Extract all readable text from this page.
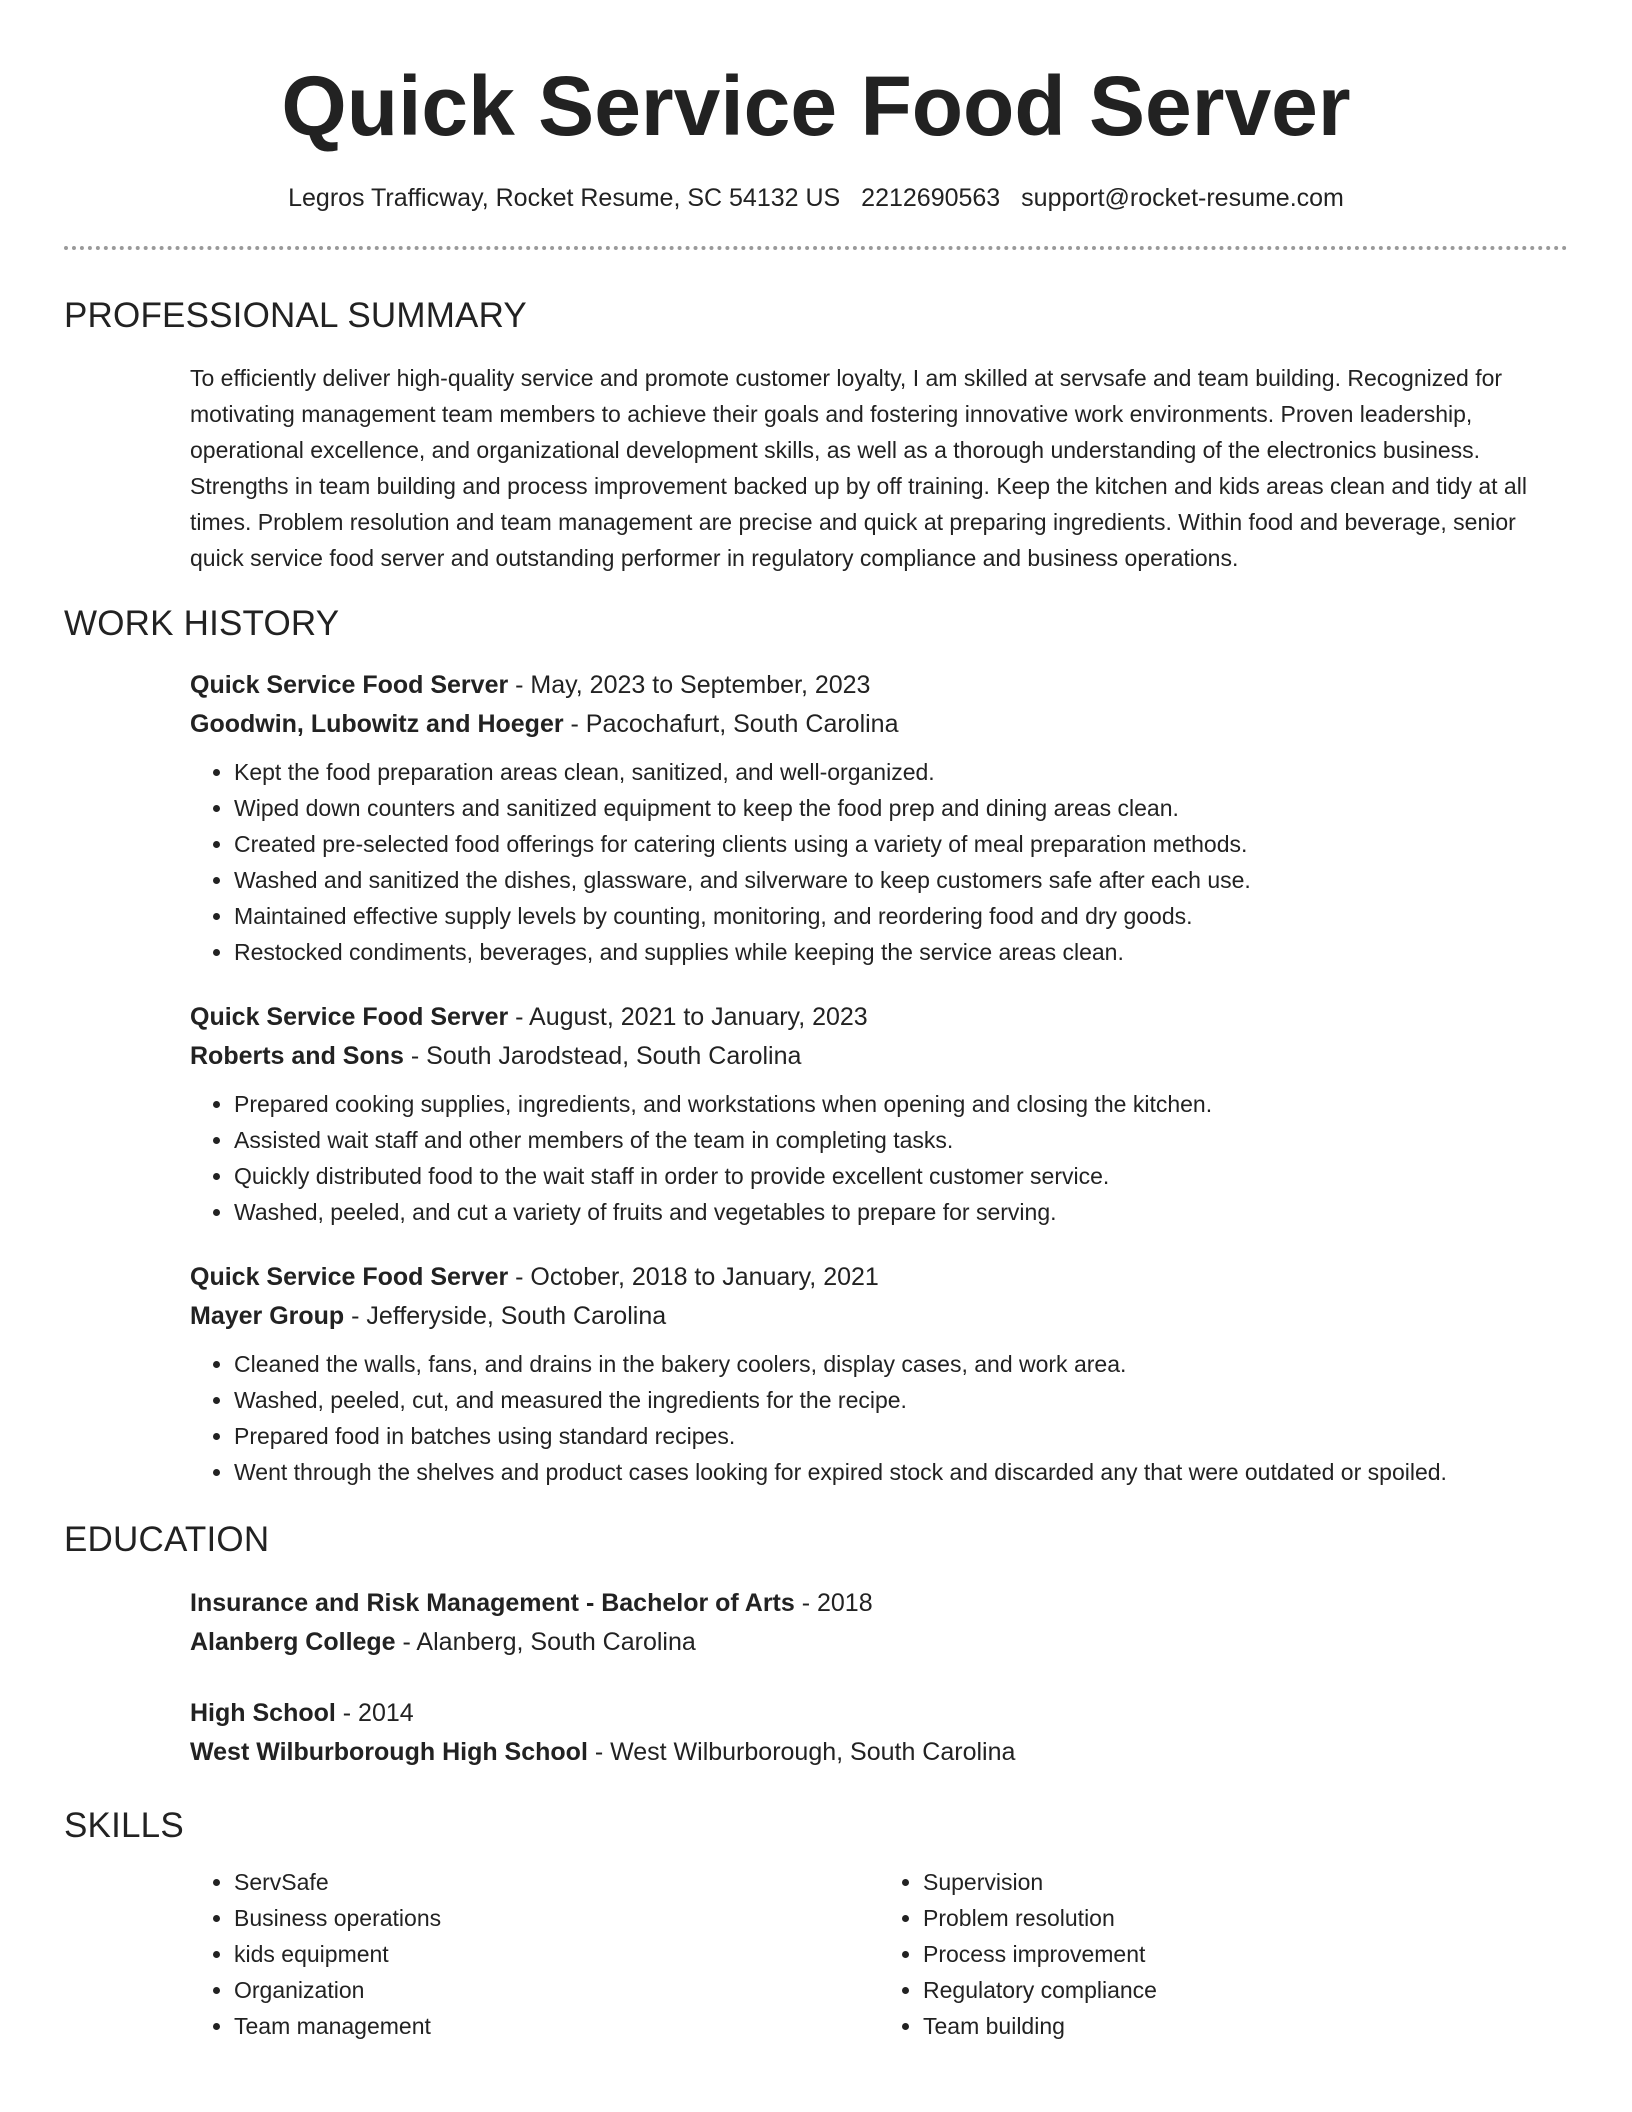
Quick Service Food Server
Legros Trafficway, Rocket Resume, SC 54132 US 2212690563 support@rocket-resume.com
PROFESSIONAL SUMMARY
To efficiently deliver high-quality service and promote customer loyalty, I am skilled at servsafe and team building. Recognized for motivating management team members to achieve their goals and fostering innovative work environments. Proven leadership, operational excellence, and organizational development skills, as well as a thorough understanding of the electronics business. Strengths in team building and process improvement backed up by off training. Keep the kitchen and kids areas clean and tidy at all times. Problem resolution and team management are precise and quick at preparing ingredients. Within food and beverage, senior quick service food server and outstanding performer in regulatory compliance and business operations.
WORK HISTORY
Quick Service Food Server - May, 2023 to September, 2023
Goodwin, Lubowitz and Hoeger - Pacochafurt, South Carolina
• Kept the food preparation areas clean, sanitized, and well-organized.
• Wiped down counters and sanitized equipment to keep the food prep and dining areas clean.
• Created pre-selected food offerings for catering clients using a variety of meal preparation methods.
• Washed and sanitized the dishes, glassware, and silverware to keep customers safe after each use.
• Maintained effective supply levels by counting, monitoring, and reordering food and dry goods.
• Restocked condiments, beverages, and supplies while keeping the service areas clean.
Quick Service Food Server - August, 2021 to January, 2023
Roberts and Sons - South Jarodstead, South Carolina
• Prepared cooking supplies, ingredients, and workstations when opening and closing the kitchen.
• Assisted wait staff and other members of the team in completing tasks.
• Quickly distributed food to the wait staff in order to provide excellent customer service.
• Washed, peeled, and cut a variety of fruits and vegetables to prepare for serving.
Quick Service Food Server - October, 2018 to January, 2021
Mayer Group - Jefferyside, South Carolina
• Cleaned the walls, fans, and drains in the bakery coolers, display cases, and work area.
• Washed, peeled, cut, and measured the ingredients for the recipe.
• Prepared food in batches using standard recipes.
• Went through the shelves and product cases looking for expired stock and discarded any that were outdated or spoiled.
EDUCATION
Insurance and Risk Management - Bachelor of Arts - 2018
Alanberg College - Alanberg, South Carolina
High School - 2014
West Wilburborough High School - West Wilburborough, South Carolina
SKILLS
• ServSafe
• Business operations
• kids equipment
• Organization
• Team management
• Supervision
• Problem resolution
• Process improvement
• Regulatory compliance
• Team building
